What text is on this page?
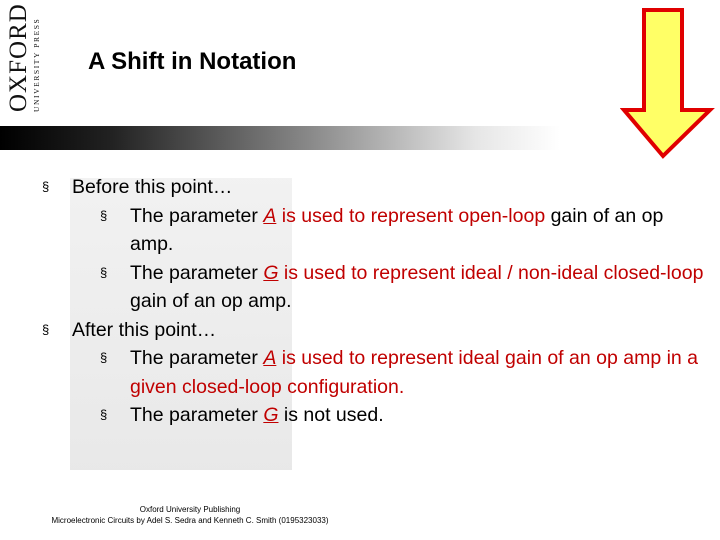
OXFORD UNIVERSITY PRESS A Shift in Notation
§ Before this point…
§ The parameter A is used to represent open-loop gain of an op amp.
§ The parameter G is used to represent ideal / non-ideal closed-loop gain of an op amp.
§ After this point…
§ The parameter A is used to represent ideal gain of an op amp in a given closed-loop configuration.
§ The parameter G is not used.
Oxford University Publishing
Microelectronic Circuits by Adel S. Sedra and Kenneth C. Smith (0195323033)
